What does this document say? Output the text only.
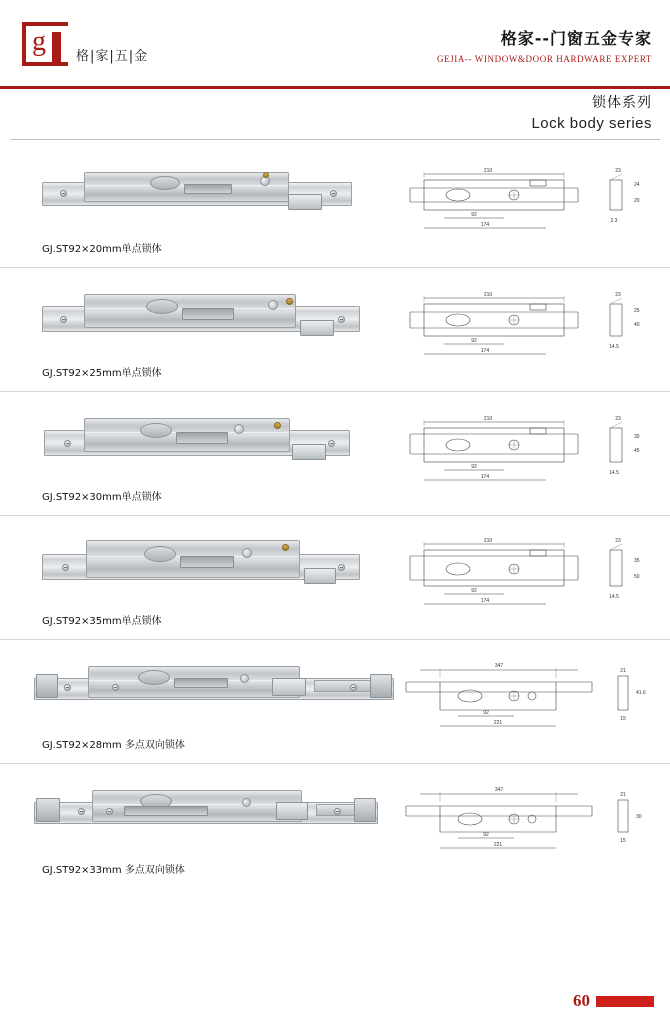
g 格|家|五|金
格家--门窗五金专家
GEJIA-- WINDOW&DOOR HARDWARE EXPERT
锁体系列
Lock body series
GJ.ST92×20mm单点锁体
210
92
174
23
24
20
2.3
GJ.ST92×25mm单点锁体
210
92
174
23
25
40
14.5
GJ.ST92×30mm单点锁体
210
92
174
23
30
45
14.5
GJ.ST92×35mm单点锁体
210
92
174
23
35
50
14.5
GJ.ST92×28mm 多点双向锁体
347
92
221
21
41.6
15
GJ.ST92×33mm 多点双向锁体
347
92
221
21
30
15
60
